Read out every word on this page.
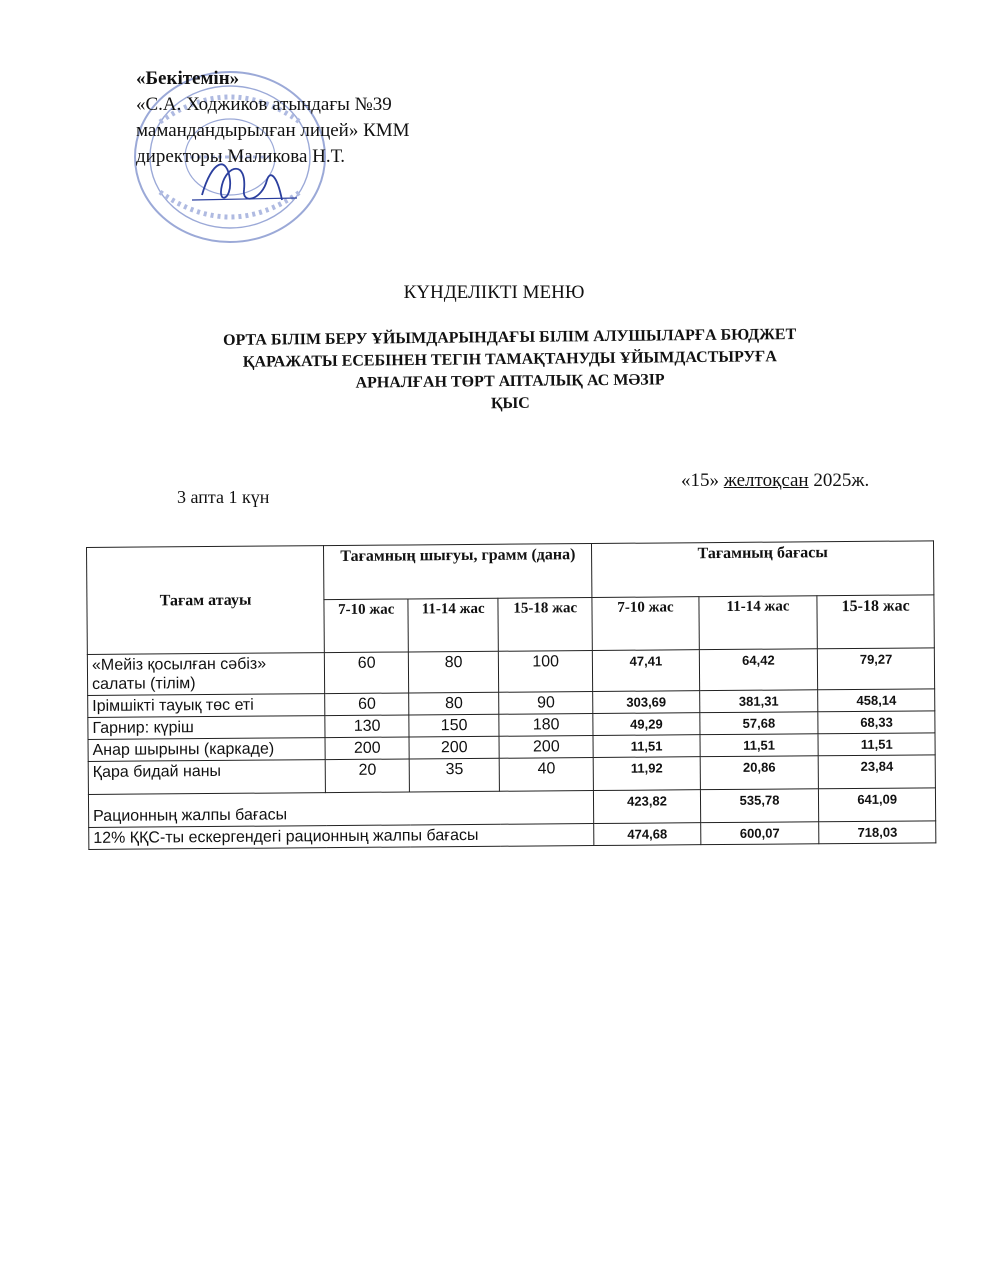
«Бекітемін»
«С.А. Ходжиков атындағы №39
мамандандырылған лицей» КММ
директоры Маликова Н.Т.
КҮНДЕЛІКТІ МЕНЮ
ОРТА БІЛІМ БЕРУ ҰЙЫМДАРЫНДАҒЫ БІЛІМ АЛУШЫЛАРҒА БЮДЖЕТ
ҚАРАЖАТЫ ЕСЕБІНЕН ТЕГІН ТАМАҚТАНУДЫ ҰЙЫМДАСТЫРУҒА
АРНАЛҒАН ТӨРТ АПТАЛЫҚ АС МӘЗІР
ҚЫС
3 апта 1 күн
«15» желтоқсан 2025ж.
Тағам атауы	Тағамның шығуы, грамм (дана)			Тағамның бағасы		
	7-10 жас	11-14 жас	15-18 жас	7-10 жас	11-14 жас	15-18 жас
«Мейіз қосылған сәбіз» салаты (тілім)	60	80	100	47,41	64,42	79,27
Ірімшікті тауық төс еті	60	80	90	303,69	381,31	458,14
Гарнир: күріш	130	150	180	49,29	57,68	68,33
Анар шырыны (каркаде)	200	200	200	11,51	11,51	11,51
Қара бидай наны	20	35	40	11,92	20,86	23,84
Рационның жалпы бағасы				423,82	535,78	641,09
12% ҚҚС-ты ескергендегі рационның жалпы бағасы				474,68	600,07	718,03
